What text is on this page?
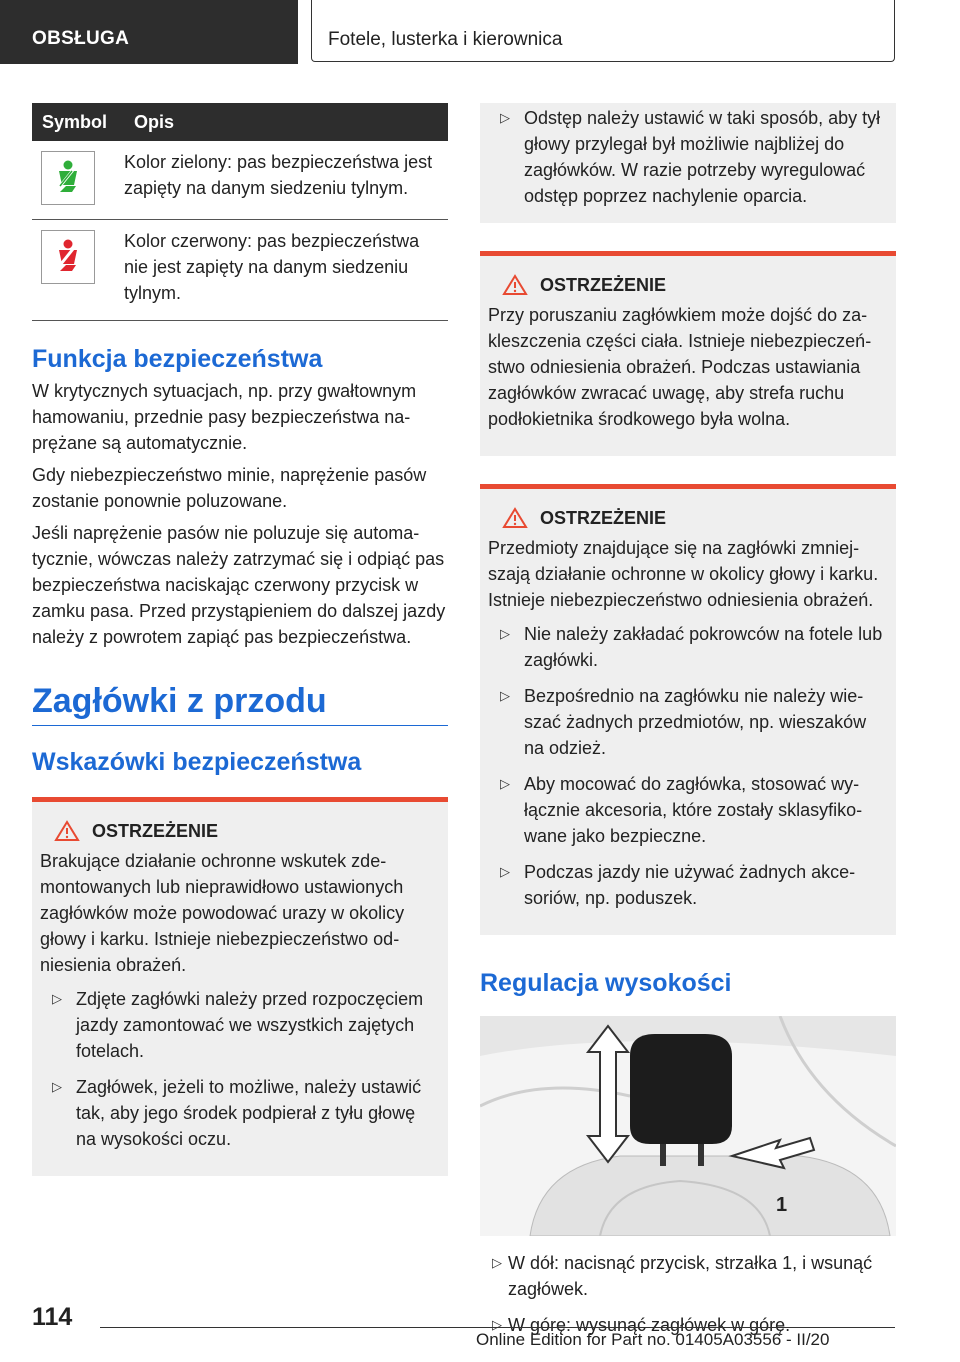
OBSŁUGA	Fotele, lusterka i kierownica
Symbol	Opis

	Kolor zielony: pas bezpieczeństwa jest zapięty na danym siedzeniu tylnym.

	Kolor czerwony: pas bezpieczeństwa nie jest zapięty na danym siedzeniu tylnym.
Funkcja bezpieczeństwa

W krytycznych sytuacjach, np. przy gwałtownym hamowaniu, przednie pasy bezpieczeństwa naprężane są automatycznie.

Gdy niebezpieczeństwo minie, naprężenie pasów zostanie ponownie poluzowane.

Jeśli naprężenie pasów nie poluzuje się automatycznie, wówczas należy zatrzymać się i odpiąć pas bezpieczeństwa naciskając czerwony przycisk w zamku pasa. Przed przystąpieniem do dalszej jazdy należy z powrotem zapiąć pas bezpieczeństwa.

Zagłówki z przodu
Wskazówki bezpieczeństwa
OSTRZEŻENIE

Brakujące działanie ochronne wskutek zdemontowanych lub nieprawidłowo ustawionych zagłówków może powodować urazy w okolicy głowy i karku. Istnieje niebezpieczeństwo odniesienia obrażeń.

▷ Zdjęte zagłówki należy przed rozpoczęciem jazdy zamontować we wszystkich zajętych fotelach.
▷ Zagłówek, jeżeli to możliwe, należy ustawić tak, aby jego środek podpierał z tyłu głowę na wysokości oczu.
▷ Odstęp należy ustawić w taki sposób, aby tył głowy przylegał był możliwie najbliżej do zagłówków. W razie potrzeby wyregulować odstęp poprzez nachylenie oparcia.
OSTRZEŻENIE

Przy poruszaniu zagłówkiem może dojść do zakleszczenia części ciała. Istnieje niebezpieczeństwo odniesienia obrażeń. Podczas ustawiania zagłówków zwracać uwagę, aby strefa ruchu podłokietnika środkowego była wolna.

OSTRZEŻENIE

Przedmioty znajdujące się na zagłówki zmniejszają działanie ochronne w okolicy głowy i karku. Istnieje niebezpieczeństwo odniesienia obrażeń.

▷ Nie należy zakładać pokrowców na fotele lub zagłówki.
▷ Bezpośrednio na zagłówku nie należy wieszać żadnych przedmiotów, np. wieszaków na odzież.
▷ Aby mocować do zagłówka, stosować wyłącznie akcesoria, które zostały sklasyfikowane jako bezpieczne.
▷ Podczas jazdy nie używać żadnych akcesoriów, np. poduszek.
Regulacja wysokości
1
▷ W dół: nacisnąć przycisk, strzałka 1, i wsunąć zagłówek.
▷ W górę: wysunąć zagłówek w górę.
114
Online Edition for Part no. 01405A03556 - II/20
